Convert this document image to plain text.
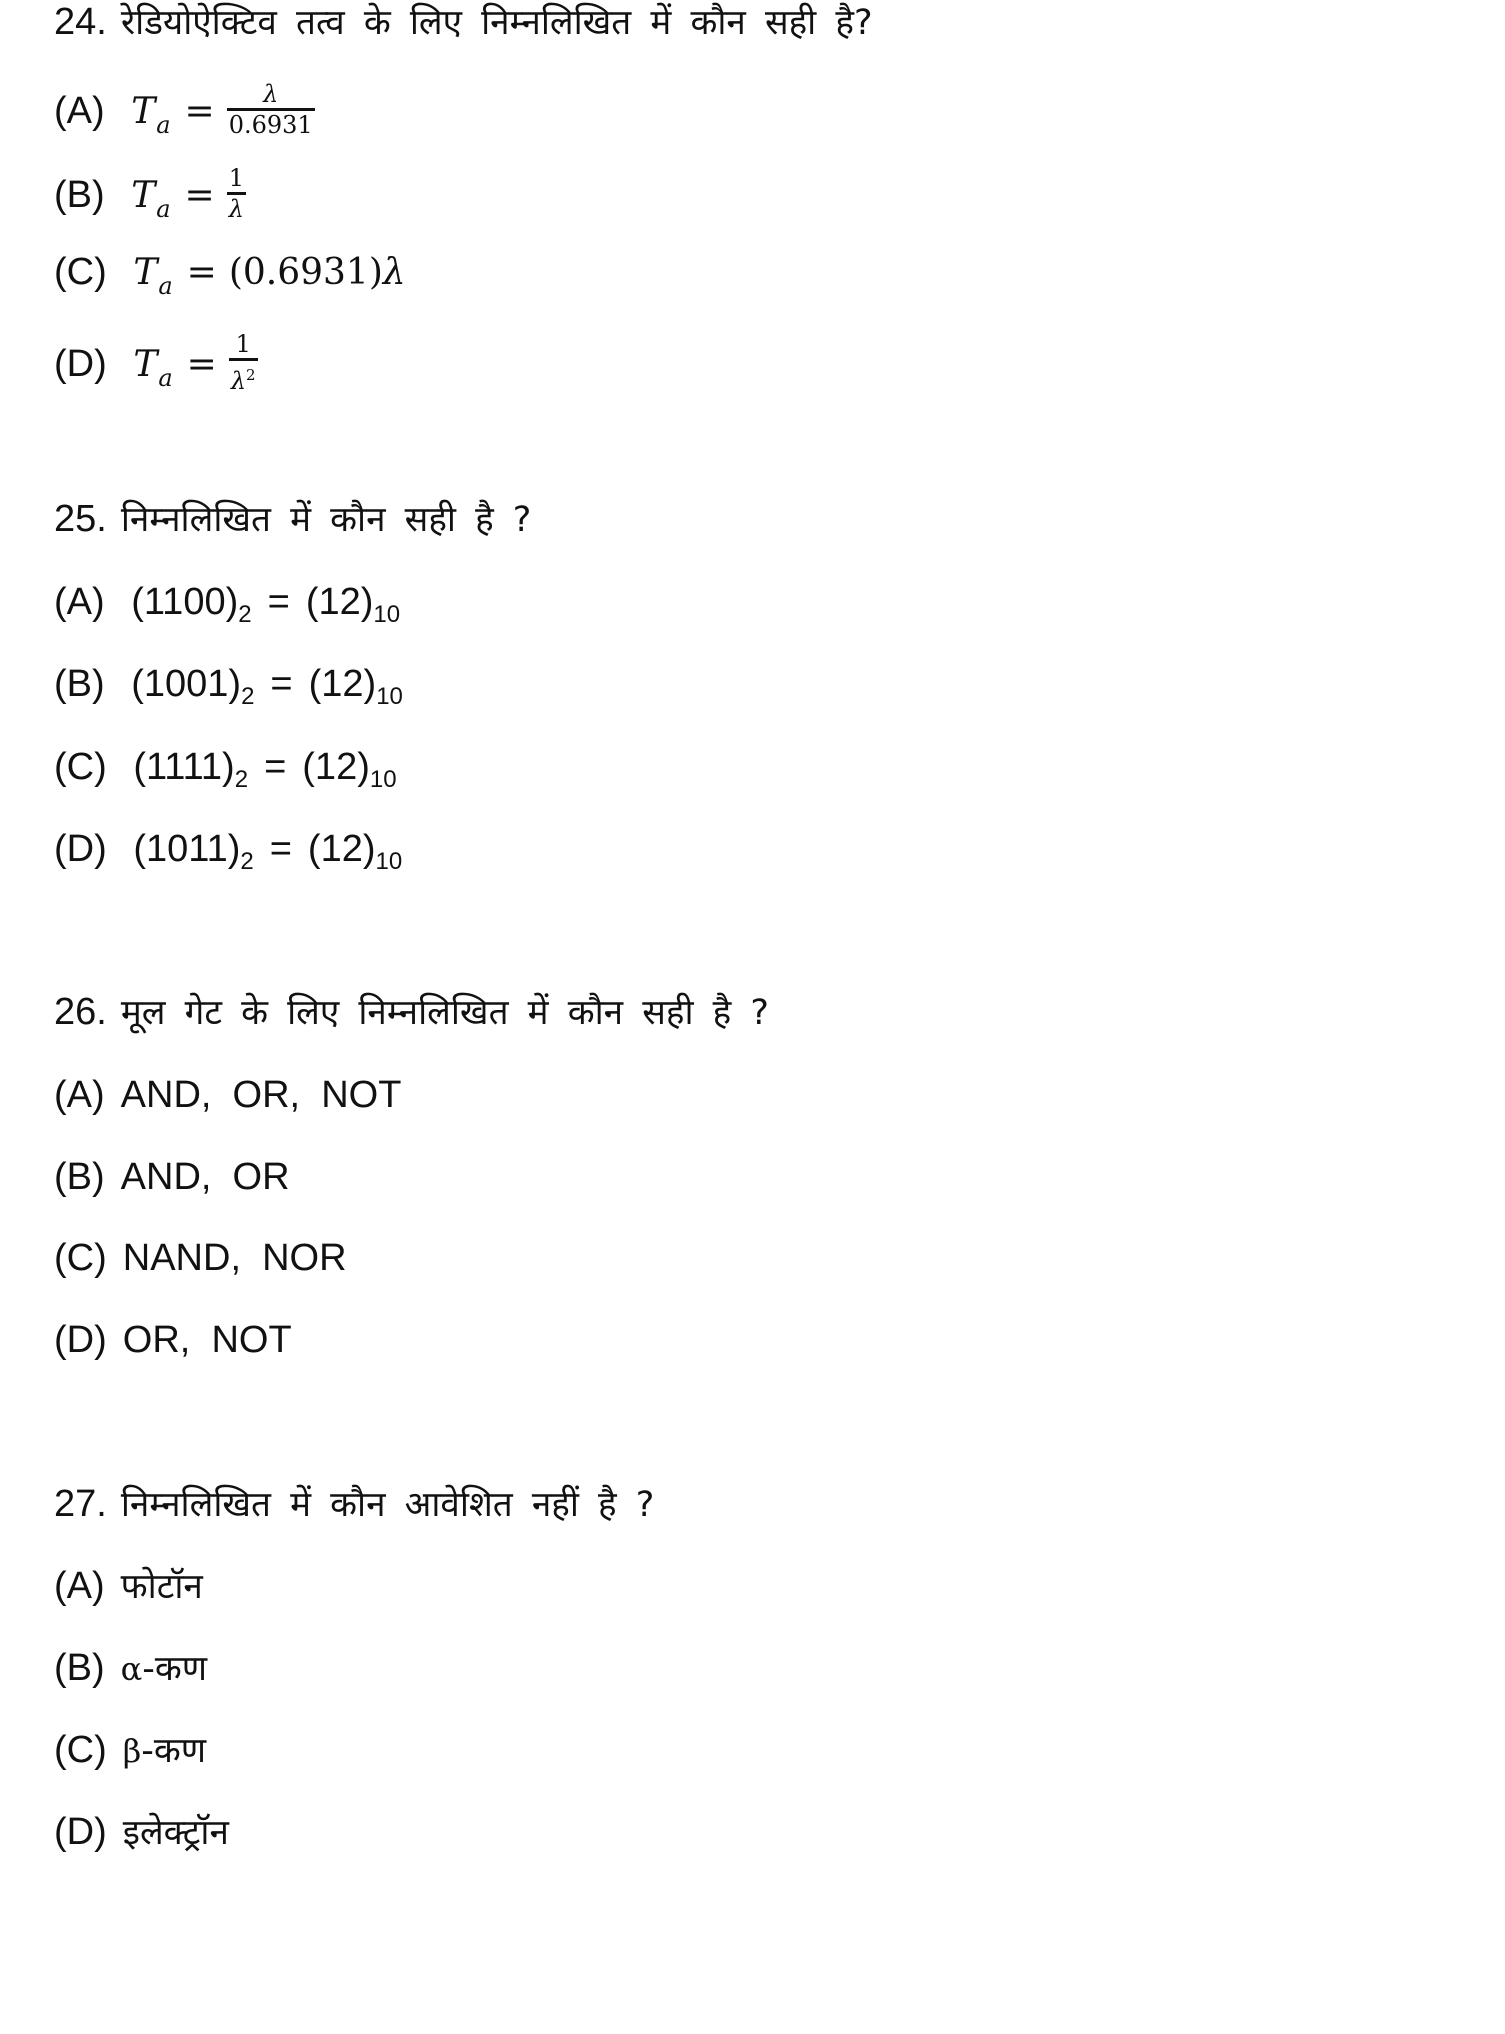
24. रेडियोऐक्टिव तत्व के लिए निम्नलिखित में कौन सही है?
(A) $T_a = \frac{\lambda}{0.6931}$
(B) $T_a = \frac{1}{\lambda}$
(C) $T_a = (0.6931)\lambda$
(D) $T_a = \frac{1}{\lambda^2}$
25. निम्नलिखित में कौन सही है ?
(A) $(1100)_2 = (12)_{10}$
(B) $(1001)_2 = (12)_{10}$
(C) $(1111)_2 = (12)_{10}$
(D) $(1011)_2 = (12)_{10}$
26. मूल गेट के लिए निम्नलिखित में कौन सही है ?
(A) AND,  OR,  NOT
(B) AND,  OR
(C) NAND,  NOR
(D) OR,  NOT
27. निम्नलिखित में कौन आवेशित नहीं है ?
(A) फोटॉन
(B) α-कण
(C) β-कण
(D) इलेक्ट्रॉन
